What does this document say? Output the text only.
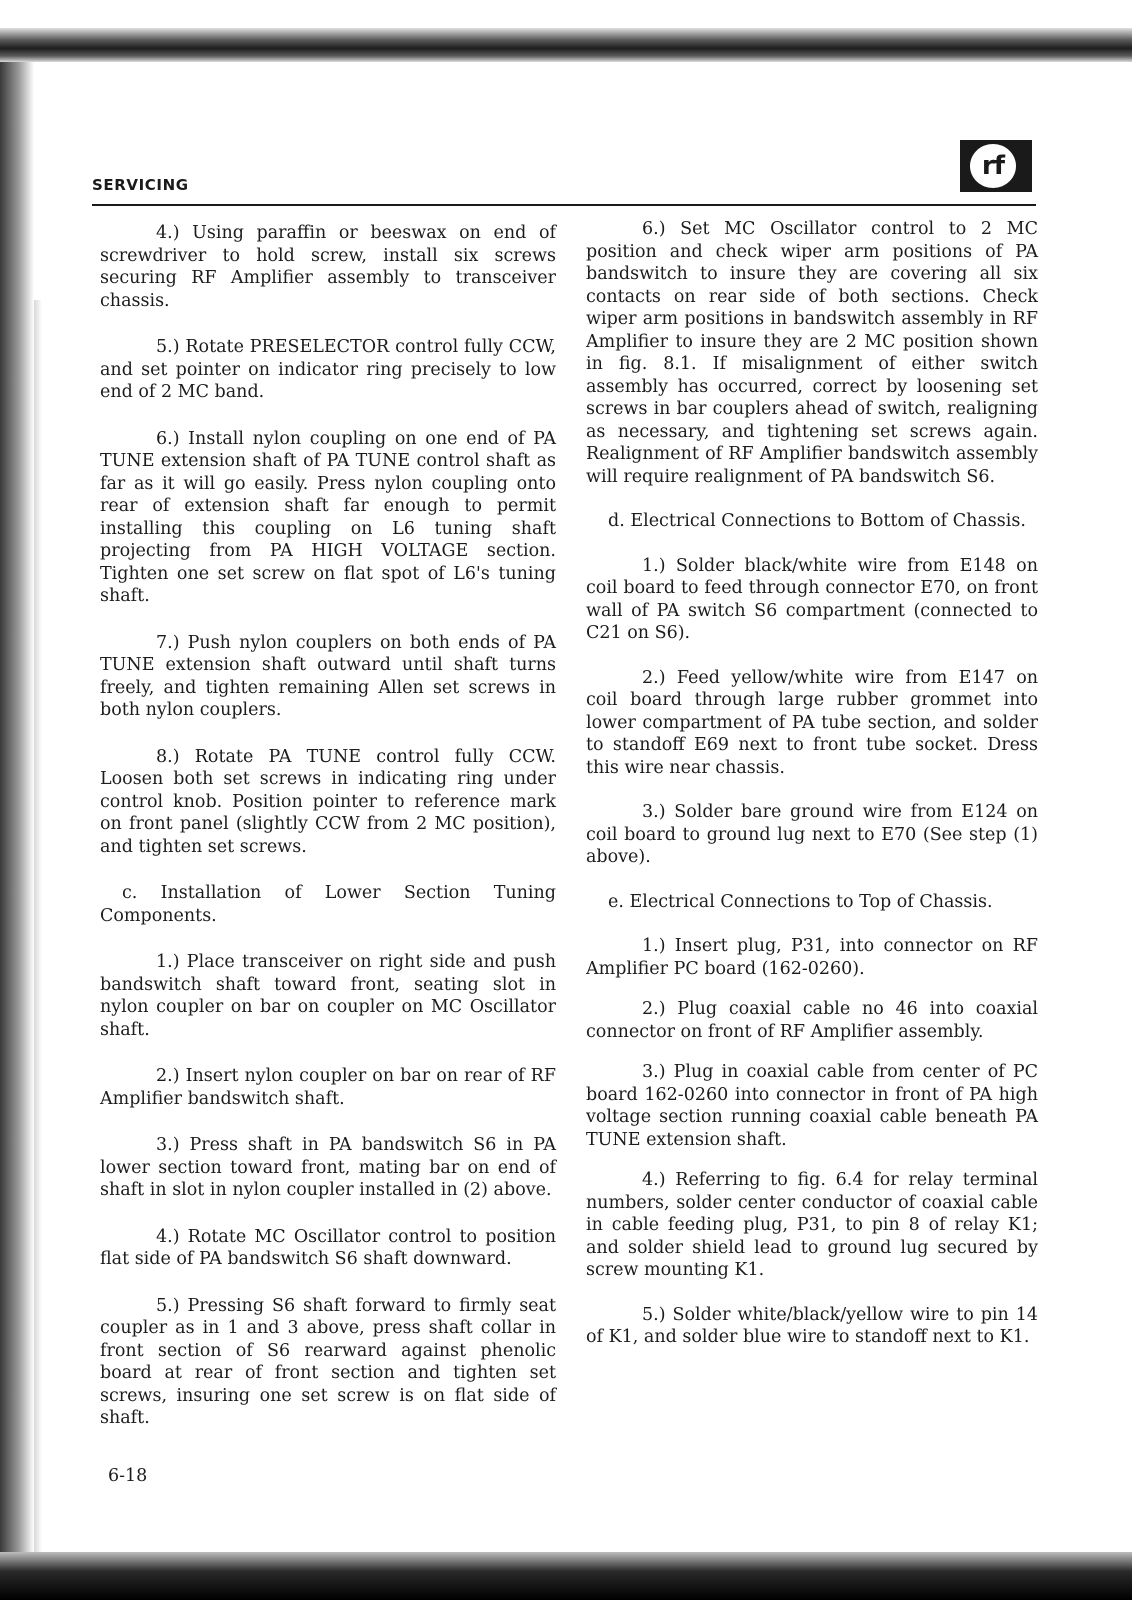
SERVICING
rf

4.) Using paraffin or beeswax on end of screwdriver to hold screw, install six screws securing RF Amplifier assembly to transceiver chassis.

5.) Rotate PRESELECTOR control fully CCW, and set pointer on indicator ring precisely to low end of 2 MC band.

6.) Install nylon coupling on one end of PA TUNE extension shaft of PA TUNE control shaft as far as it will go easily. Press nylon coupling onto rear of extension shaft far enough to permit installing this coupling on L6 tuning shaft projecting from PA HIGH VOLTAGE section. Tighten one set screw on flat spot of L6's tuning shaft.

7.) Push nylon couplers on both ends of PA TUNE extension shaft outward until shaft turns freely, and tighten remaining Allen set screws in both nylon couplers.

8.) Rotate PA TUNE control fully CCW. Loosen both set screws in indicating ring under control knob. Position pointer to reference mark on front panel (slightly CCW from 2 MC position), and tighten set screws.

c. Installation of Lower Section Tuning Components.

1.) Place transceiver on right side and push bandswitch shaft toward front, seating slot in nylon coupler on bar on coupler on MC Oscillator shaft.

2.) Insert nylon coupler on bar on rear of RF Amplifier bandswitch shaft.

3.) Press shaft in PA bandswitch S6 in PA lower section toward front, mating bar on end of shaft in slot in nylon coupler installed in (2) above.

4.) Rotate MC Oscillator control to position flat side of PA bandswitch S6 shaft downward.

5.) Pressing S6 shaft forward to firmly seat coupler as in 1 and 3 above, press shaft collar in front section of S6 rearward against phenolic board at rear of front section and tighten set screws, insuring one set screw is on flat side of shaft.

6.) Set MC Oscillator control to 2 MC position and check wiper arm positions of PA bandswitch to insure they are covering all six contacts on rear side of both sections. Check wiper arm positions in bandswitch assembly in RF Amplifier to insure they are 2 MC position shown in fig. 8.1. If misalignment of either switch assembly has occurred, correct by loosening set screws in bar couplers ahead of switch, realigning as necessary, and tightening set screws again. Realignment of RF Amplifier bandswitch assembly will require realignment of PA bandswitch S6.

d. Electrical Connections to Bottom of Chassis.

1.) Solder black/white wire from E148 on coil board to feed through connector E70, on front wall of PA switch S6 compartment (connected to C21 on S6).

2.) Feed yellow/white wire from E147 on coil board through large rubber grommet into lower compartment of PA tube section, and solder to standoff E69 next to front tube socket. Dress this wire near chassis.

3.) Solder bare ground wire from E124 on coil board to ground lug next to E70 (See step (1) above).

e. Electrical Connections to Top of Chassis.

1.) Insert plug, P31, into connector on RF Amplifier PC board (162-0260).

2.) Plug coaxial cable no 46 into coaxial connector on front of RF Amplifier assembly.

3.) Plug in coaxial cable from center of PC board 162-0260 into connector in front of PA high voltage section running coaxial cable beneath PA TUNE extension shaft.

4.) Referring to fig. 6.4 for relay terminal numbers, solder center conductor of coaxial cable in cable feeding plug, P31, to pin 8 of relay K1; and solder shield lead to ground lug secured by screw mounting K1.

5.) Solder white/black/yellow wire to pin 14 of K1, and solder blue wire to standoff next to K1.

6-18
